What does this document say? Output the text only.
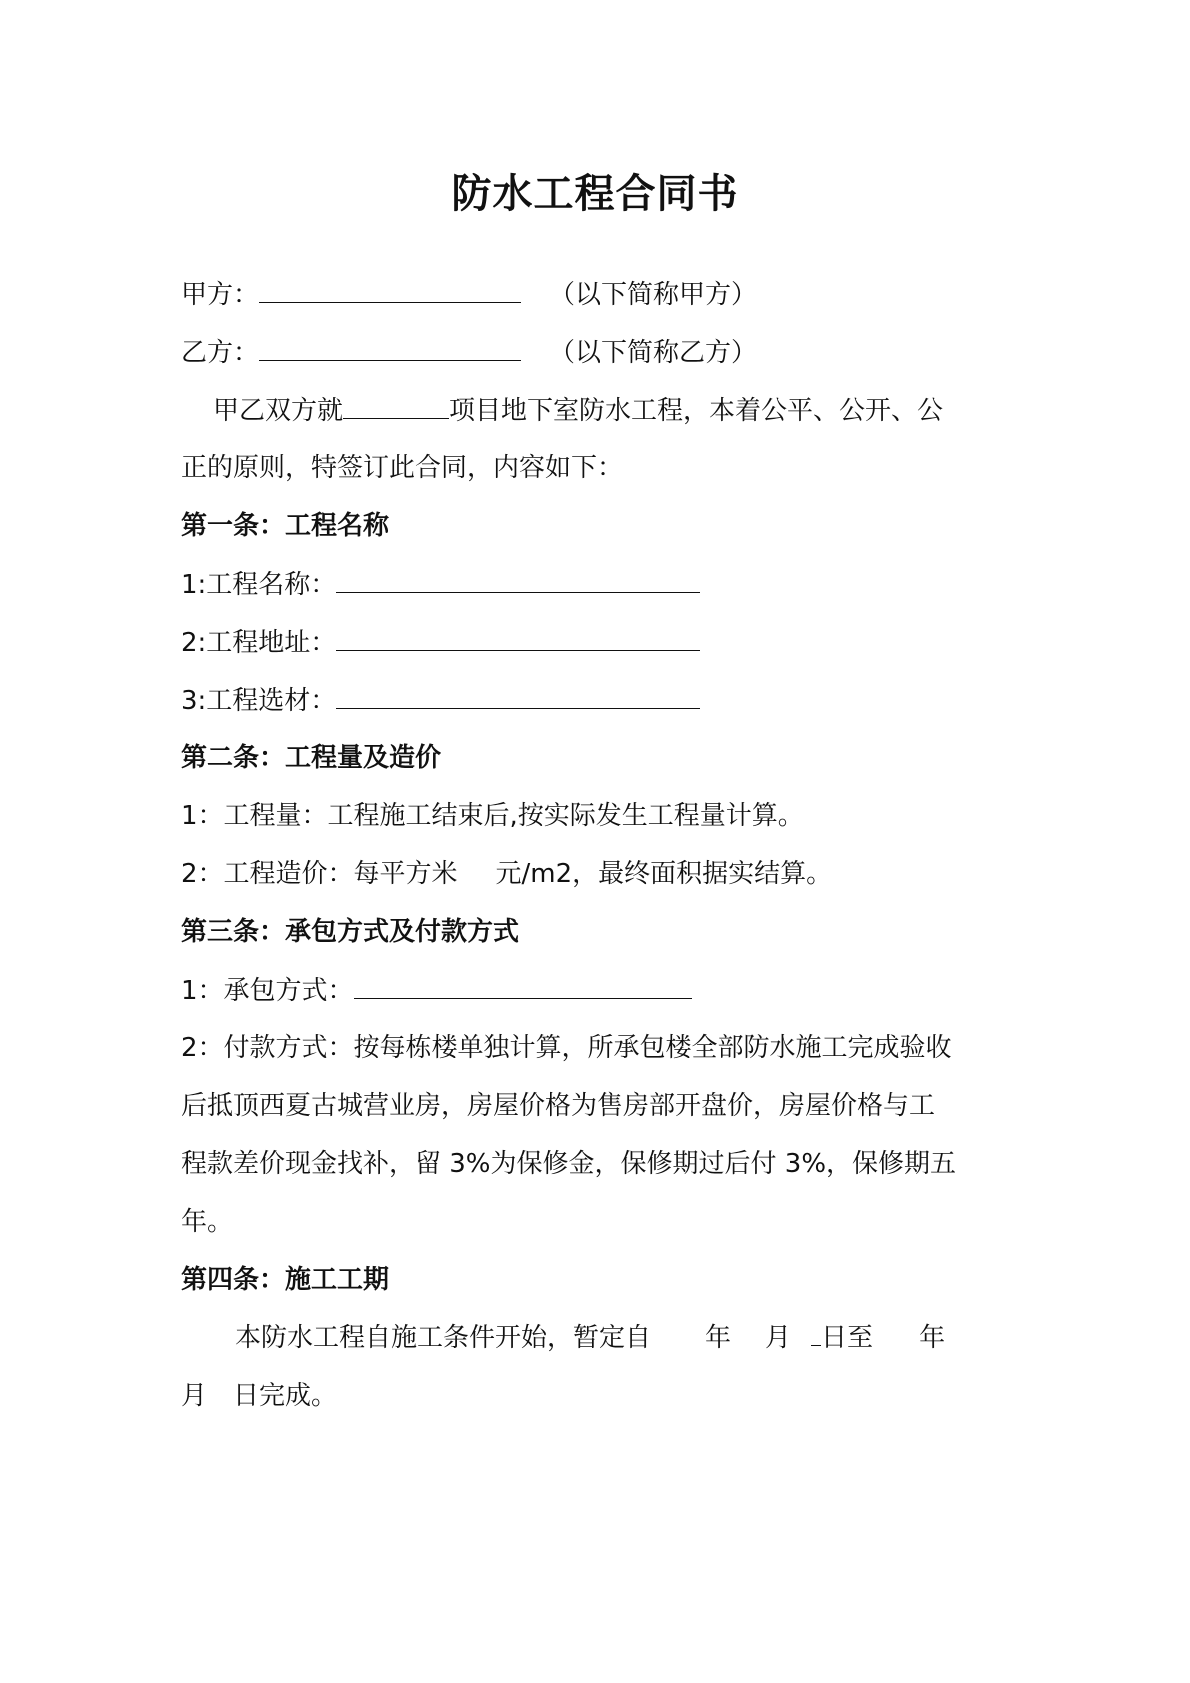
防水工程合同书
甲方：	（以下简称甲方）
乙方：	（以下简称乙方）
甲乙双方就	项目地下室防水工程，本着公平、公开、公
正的原则，特签订此合同，内容如下：
第一条：工程名称
1:工程名称：
2:工程地址：
3:工程选材：
第二条：工程量及造价
1：工程量：工程施工结束后,按实际发生工程量计算。
2：工程造价：每平方米 元/m2，最终面积据实结算。
第三条：承包方式及付款方式
1：承包方式：
2：付款方式：按每栋楼单独计算，所承包楼全部防水施工完成验收
后抵顶西夏古城营业房，房屋价格为售房部开盘价，房屋价格与工
程款差价现金找补，留 3%为保修金，保修期过后付 3%，保修期五
年。
第四条：施工工期
本防水工程自施工条件开始，暂定自 年 月 日至 年
月 日完成。
